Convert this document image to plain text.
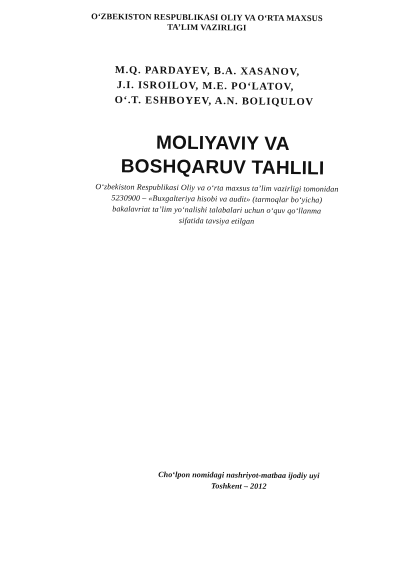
O‘ZBEKISTON RESPUBLIKASI OLIY VA O‘RTA MAXSUS
TA’LIM VAZIRLIGI
M.Q. PARDAYEV, B.A. XASANOV,
J.I. ISROILOV, M.E. PO‘LATOV,
O‘.T. ESHBOYEV, A.N. BOLIQULOV
MOLIYAVIY VA
BOSHQARUV TAHLILI
O‘zbekiston Respublikasi Oliy va o‘rta maxsus ta’lim vazirligi tomonidan
5230900 – «Buxgalteriya hisobi va audit» (tarmoqlar bo‘yicha)
bakalavriat ta’lim yo‘nalishi talabalari uchun o‘quv qo‘llanma
sifatida tavsiya etilgan
Cho‘lpon nomidagi nashriyot-matbaa ijodiy uyi
Toshkent – 2012
